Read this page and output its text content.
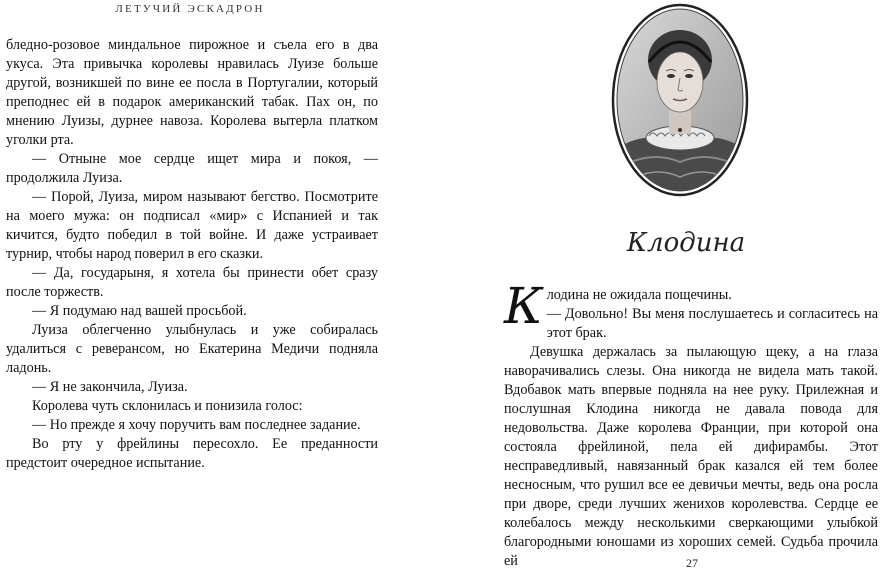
ЛЕТУЧИЙ ЭСКАДРОН

бледно-розовое миндальное пирожное и съела его в два укуса. Эта привычка королевы нравилась Луизе больше другой, возникшей по вине ее посла в Португалии, который преподнес ей в подарок американский табак. Пах он, по мнению Луизы, дурнее навоза. Королева вытерла платком уголки рта.

— Отныне мое сердце ищет мира и покоя, — продолжила Луиза.

— Порой, Луиза, миром называют бегство. Посмотрите на моего мужа: он подписал «мир» с Испанией и так кичится, будто победил в той войне. И даже устраивает турнир, чтобы народ поверил в его сказки.

— Да, государыня, я хотела бы принести обет сразу после торжеств.

— Я подумаю над вашей просьбой.

Луиза облегченно улыбнулась и уже собиралась удалиться с реверансом, но Екатерина Медичи подняла ладонь.

— Я не закончила, Луиза.

Королева чуть склонилась и понизила голос:

— Но прежде я хочу поручить вам последнее задание.

Во рту у фрейлины пересохло. Ее преданности предстоит очередное испытание.

Клодина

Клодина не ожидала пощечины.

— Довольно! Вы меня послушаетесь и согласитесь на этот брак.

Девушка держалась за пылающую щеку, а на глаза наворачивались слезы. Она никогда не видела мать такой. Вдобавок мать впервые подняла на нее руку. Прилежная и послушная Клодина никогда не давала повода для недовольства. Даже королева Франции, при которой она состояла фрейлиной, пела ей дифирамбы. Этот несправедливый, навязанный брак казался ей тем более несносным, что рушил все ее девичьи мечты, ведь она росла при дворе, среди лучших женихов королевства. Сердце ее колебалось между несколькими сверкающими улыбкой благородными юношами из хороших семей. Судьба прочила ей	27
